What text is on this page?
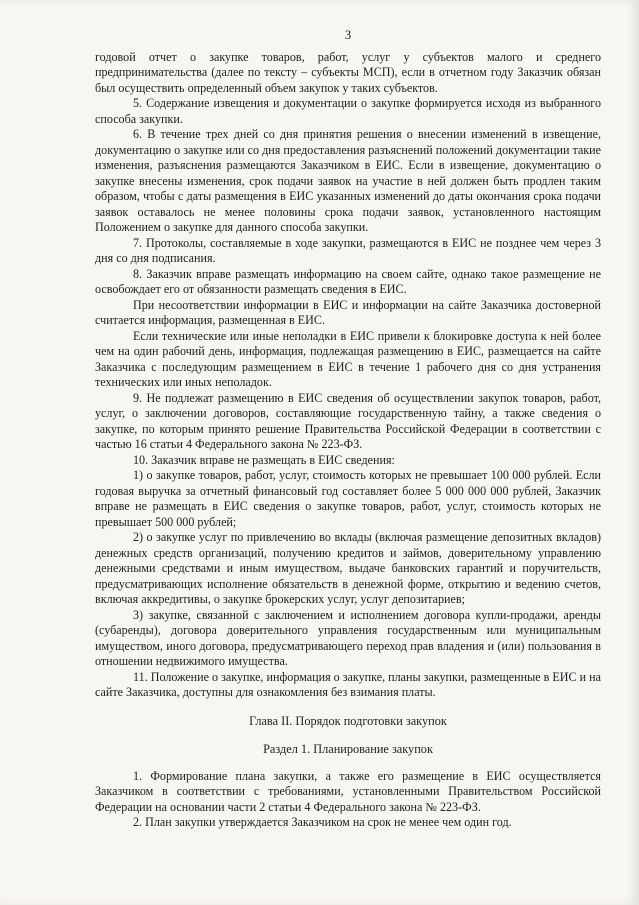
3

годовой отчет о закупке товаров, работ, услуг у субъектов малого и среднего предпринимательства (далее по тексту – субъекты МСП), если в отчетном году Заказчик обязан был осуществить определенный объем закупок у таких субъектов.

5. Содержание извещения и документации о закупке формируется исходя из выбранного способа закупки.

6. В течение трех дней со дня принятия решения о внесении изменений в извещение, документацию о закупке или со дня предоставления разъяснений положений документации такие изменения, разъяснения размещаются Заказчиком в ЕИС. Если в извещение, документацию о закупке внесены изменения, срок подачи заявок на участие в ней должен быть продлен таким образом, чтобы с даты размещения в ЕИС указанных изменений до даты окончания срока подачи заявок оставалось не менее половины срока подачи заявок, установленного настоящим Положением о закупке для данного способа закупки.

7. Протоколы, составляемые в ходе закупки, размещаются в ЕИС не позднее чем через 3 дня со дня подписания.

8. Заказчик вправе размещать информацию на своем сайте, однако такое размещение не освобождает его от обязанности размещать сведения в ЕИС.

При несоответствии информации в ЕИС и информации на сайте Заказчика достоверной считается информация, размещенная в ЕИС.

Если технические или иные неполадки в ЕИС привели к блокировке доступа к ней более чем на один рабочий день, информация, подлежащая размещению в ЕИС, размещается на сайте Заказчика с последующим размещением в ЕИС в течение 1 рабочего дня со дня устранения технических или иных неполадок.

9. Не подлежат размещению в ЕИС сведения об осуществлении закупок товаров, работ, услуг, о заключении договоров, составляющие государственную тайну, а также сведения о закупке, по которым принято решение Правительства Российской Федерации в соответствии с частью 16 статьи 4 Федерального закона № 223-ФЗ.

10. Заказчик вправе не размещать в ЕИС сведения:

1) о закупке товаров, работ, услуг, стоимость которых не превышает 100 000 рублей. Если годовая выручка за отчетный финансовый год составляет более 5 000 000 000 рублей, Заказчик вправе не размещать в ЕИС сведения о закупке товаров, работ, услуг, стоимость которых не превышает 500 000 рублей;

2) о закупке услуг по привлечению во вклады (включая размещение депозитных вкладов) денежных средств организаций, получению кредитов и займов, доверительному управлению денежными средствами и иным имуществом, выдаче банковских гарантий и поручительств, предусматривающих исполнение обязательств в денежной форме, открытию и ведению счетов, включая аккредитивы, о закупке брокерских услуг, услуг депозитариев;

3) закупке, связанной с заключением и исполнением договора купли-продажи, аренды (субаренды), договора доверительного управления государственным или муниципальным имуществом, иного договора, предусматривающего переход прав владения и (или) пользования в отношении недвижимого имущества.

11. Положение о закупке, информация о закупке, планы закупки, размещенные в ЕИС и на сайте Заказчика, доступны для ознакомления без взимания платы.

Глава II. Порядок подготовки закупок
Раздел 1. Планирование закупок

1. Формирование плана закупки, а также его размещение в ЕИС осуществляется Заказчиком в соответствии с требованиями, установленными Правительством Российской Федерации на основании части 2 статьи 4 Федерального закона № 223-ФЗ.

2. План закупки утверждается Заказчиком на срок не менее чем один год.
